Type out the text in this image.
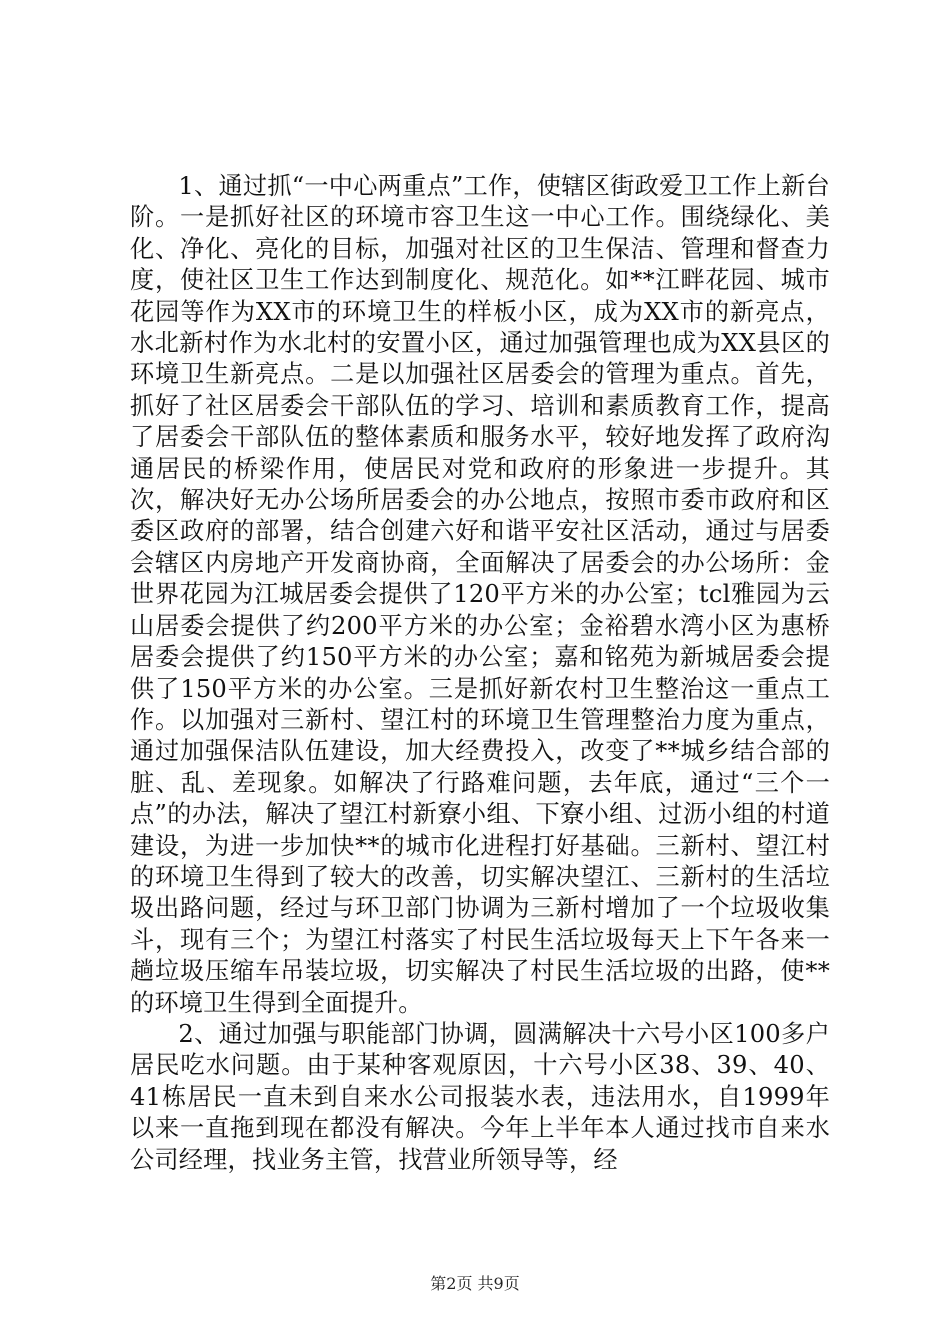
1、通过抓“一中心两重点”工作，使辖区街政爱卫工作上新台阶。一是抓好社区的环境市容卫生这一中心工作。围绕绿化、美化、净化、亮化的目标，加强对社区的卫生保洁、管理和督查力度，使社区卫生工作达到制度化、规范化。如**江畔花园、城市花园等作为XX市的环境卫生的样板小区，成为XX市的新亮点，水北新村作为水北村的安置小区，通过加强管理也成为XX县区的环境卫生新亮点。二是以加强社区居委会的管理为重点。首先，抓好了社区居委会干部队伍的学习、培训和素质教育工作，提高了居委会干部队伍的整体素质和服务水平，较好地发挥了政府沟通居民的桥梁作用，使居民对党和政府的形象进一步提升。其次，解决好无办公场所居委会的办公地点，按照市委市政府和区委区政府的部署，结合创建六好和谐平安社区活动，通过与居委会辖区内房地产开发商协商，全面解决了居委会的办公场所：金世界花园为江城居委会提供了120平方米的办公室；tcl雅园为云山居委会提供了约200平方米的办公室；金裕碧水湾小区为惠桥居委会提供了约150平方米的办公室；嘉和铭苑为新城居委会提供了150平方米的办公室。三是抓好新农村卫生整治这一重点工作。以加强对三新村、望江村的环境卫生管理整治力度为重点，通过加强保洁队伍建设，加大经费投入，改变了**城乡结合部的脏、乱、差现象。如解决了行路难问题，去年底，通过“三个一点”的办法，解决了望江村新寮小组、下寮小组、过沥小组的村道建设，为进一步加快**的城市化进程打好基础。三新村、望江村的环境卫生得到了较大的改善，切实解决望江、三新村的生活垃圾出路问题，经过与环卫部门协调为三新村增加了一个垃圾收集斗，现有三个；为望江村落实了村民生活垃圾每天上下午各来一趟垃圾压缩车吊装垃圾，切实解决了村民生活垃圾的出路，使**的环境卫生得到全面提升。

2、通过加强与职能部门协调，圆满解决十六号小区100多户居民吃水问题。由于某种客观原因，十六号小区38、39、40、41栋居民一直未到自来水公司报装水表，违法用水，自1999年以来一直拖到现在都没有解决。今年上半年本人通过找市自来水公司经理，找业务主管，找营业所领导等，经

第2页 共9页
